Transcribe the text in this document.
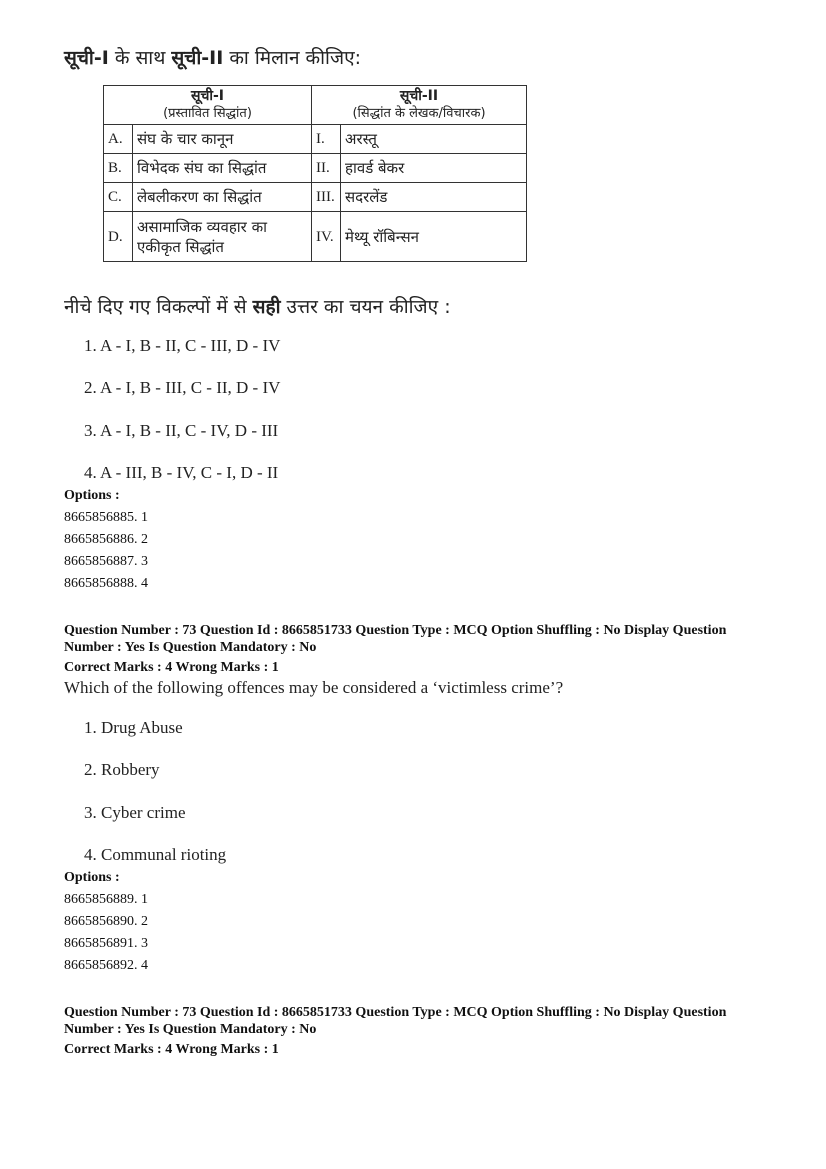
सूची-I के साथ सूची-II का मिलान कीजिए:
सूची-I
(प्रस्तावित सिद्धांत)		सूची-II
(सिद्धांत के लेखक/विचारक)	
A.	संघ के चार कानून	I.	अरस्तू
B.	विभेदक संघ का सिद्धांत	II.	हावर्ड बेकर
C.	लेबलीकरण का सिद्धांत	III.	सदरलेंड
D.	असामाजिक व्यवहार का एकीकृत सिद्धांत	IV.	मेथ्यू रॉबिन्सन
नीचे दिए गए विकल्पों में से सही उत्तर का चयन कीजिए :
1. A - I, B - II, C - III, D - IV
2. A - I, B - III, C - II, D - IV
3. A - I, B - II, C - IV, D - III
4. A - III, B - IV, C - I, D - II
Options :
8665856885. 1
8665856886. 2
8665856887. 3
8665856888. 4
Question Number : 73 Question Id : 8665851733 Question Type : MCQ Option Shuffling : No Display Question
Number : Yes Is Question Mandatory : No
Correct Marks : 4 Wrong Marks : 1
Which of the following offences may be considered a ‘victimless crime’?
1. Drug Abuse
2. Robbery
3. Cyber crime
4. Communal rioting
Options :
8665856889. 1
8665856890. 2
8665856891. 3
8665856892. 4
Question Number : 73 Question Id : 8665851733 Question Type : MCQ Option Shuffling : No Display Question
Number : Yes Is Question Mandatory : No
Correct Marks : 4 Wrong Marks : 1
